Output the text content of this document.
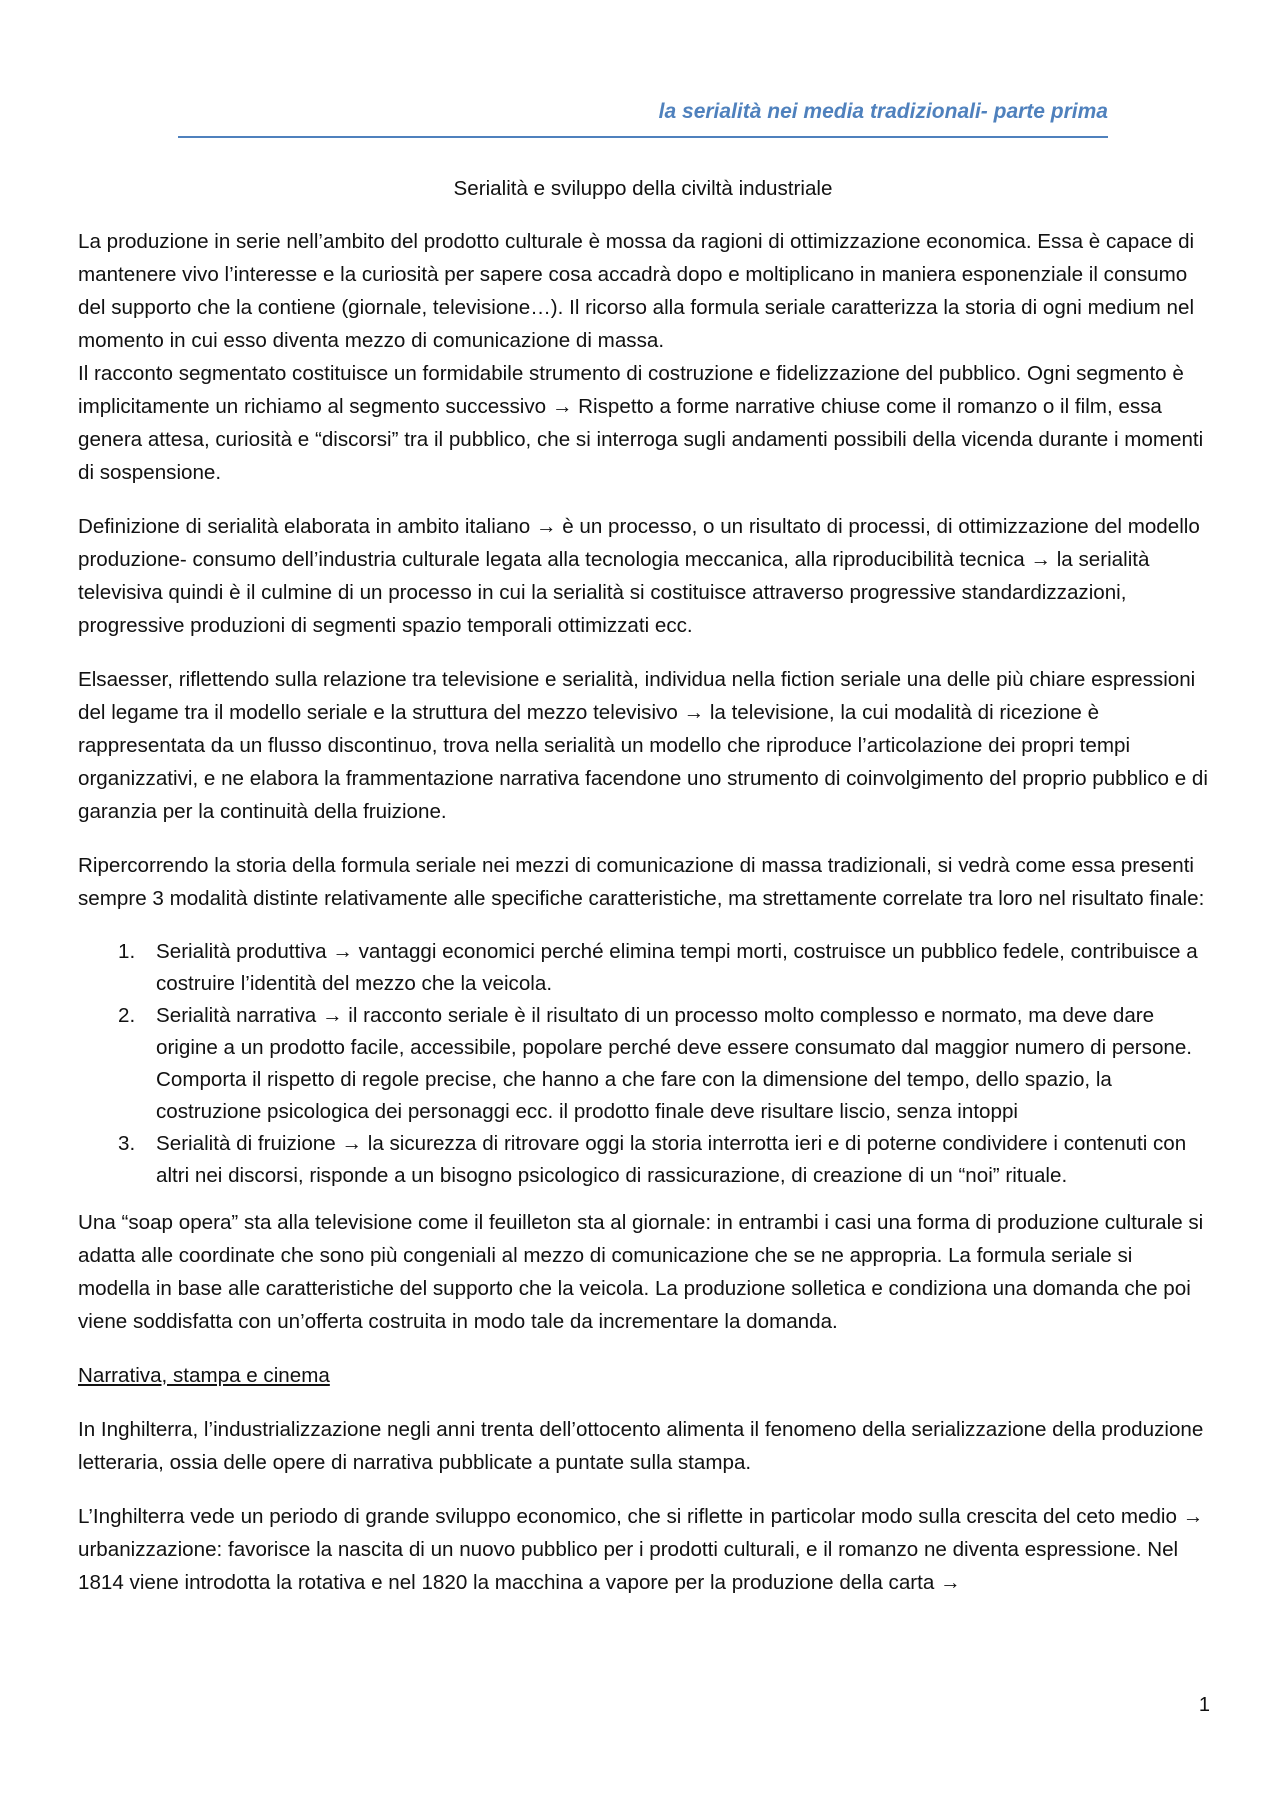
la serialità nei media tradizionali- parte prima

Serialità e sviluppo della civiltà industriale

La produzione in serie nell’ambito del prodotto culturale è mossa da ragioni di ottimizzazione economica. Essa è capace di mantenere vivo l’interesse e la curiosità per sapere cosa accadrà dopo e moltiplicano in maniera esponenziale il consumo del supporto che la contiene (giornale, televisione…). Il ricorso alla formula seriale caratterizza la storia di ogni medium nel momento in cui esso diventa mezzo di comunicazione di massa.
Il racconto segmentato costituisce un formidabile strumento di costruzione e fidelizzazione del pubblico. Ogni segmento è implicitamente un richiamo al segmento successivo → Rispetto a forme narrative chiuse come il romanzo o il film, essa genera attesa, curiosità e “discorsi” tra il pubblico, che si interroga sugli andamenti possibili della vicenda durante i momenti di sospensione.

Definizione di serialità elaborata in ambito italiano → è un processo, o un risultato di processi, di ottimizzazione del modello produzione- consumo dell’industria culturale legata alla tecnologia meccanica, alla riproducibilità tecnica → la serialità televisiva quindi è il culmine di un processo in cui la serialità si costituisce attraverso progressive standardizzazioni, progressive produzioni di segmenti spazio temporali ottimizzati ecc.

Elsaesser, riflettendo sulla relazione tra televisione e serialità, individua nella fiction seriale una delle più chiare espressioni del legame tra il modello seriale e la struttura del mezzo televisivo → la televisione, la cui modalità di ricezione è rappresentata da un flusso discontinuo, trova nella serialità un modello che riproduce l’articolazione dei propri tempi organizzativi, e ne elabora la frammentazione narrativa facendone uno strumento di coinvolgimento del proprio pubblico e di garanzia per la continuità della fruizione.

Ripercorrendo la storia della formula seriale nei mezzi di comunicazione di massa tradizionali, si vedrà come essa presenti sempre 3 modalità distinte relativamente alle specifiche caratteristiche, ma strettamente correlate tra loro nel risultato finale:

1. Serialità produttiva → vantaggi economici perché elimina tempi morti, costruisce un pubblico fedele, contribuisce a costruire l’identità del mezzo che la veicola.
2. Serialità narrativa → il racconto seriale è il risultato di un processo molto complesso e normato, ma deve dare origine a un prodotto facile, accessibile, popolare perché deve essere consumato dal maggior numero di persone. Comporta il rispetto di regole precise, che hanno a che fare con la dimensione del tempo, dello spazio, la costruzione psicologica dei personaggi ecc. il prodotto finale deve risultare liscio, senza intoppi
3. Serialità di fruizione → la sicurezza di ritrovare oggi la storia interrotta ieri e di poterne condividere i contenuti con altri nei discorsi, risponde a un bisogno psicologico di rassicurazione, di creazione di un “noi” rituale.

Una “soap opera” sta alla televisione come il feuilleton sta al giornale: in entrambi i casi una forma di produzione culturale si adatta alle coordinate che sono più congeniali al mezzo di comunicazione che se ne appropria. La formula seriale si modella in base alle caratteristiche del supporto che la veicola. La produzione solletica e condiziona una domanda che poi viene soddisfatta con un’offerta costruita in modo tale da incrementare la domanda.

Narrativa, stampa e cinema

In Inghilterra, l’industrializzazione negli anni trenta dell’ottocento alimenta il fenomeno della serializzazione della produzione letteraria, ossia delle opere di narrativa pubblicate a puntate sulla stampa.

L’Inghilterra vede un periodo di grande sviluppo economico, che si riflette in particolar modo sulla crescita del ceto medio → urbanizzazione: favorisce la nascita di un nuovo pubblico per i prodotti culturali, e il romanzo ne diventa espressione. Nel 1814 viene introdotta la rotativa e nel 1820 la macchina a vapore per la produzione della carta →

1
